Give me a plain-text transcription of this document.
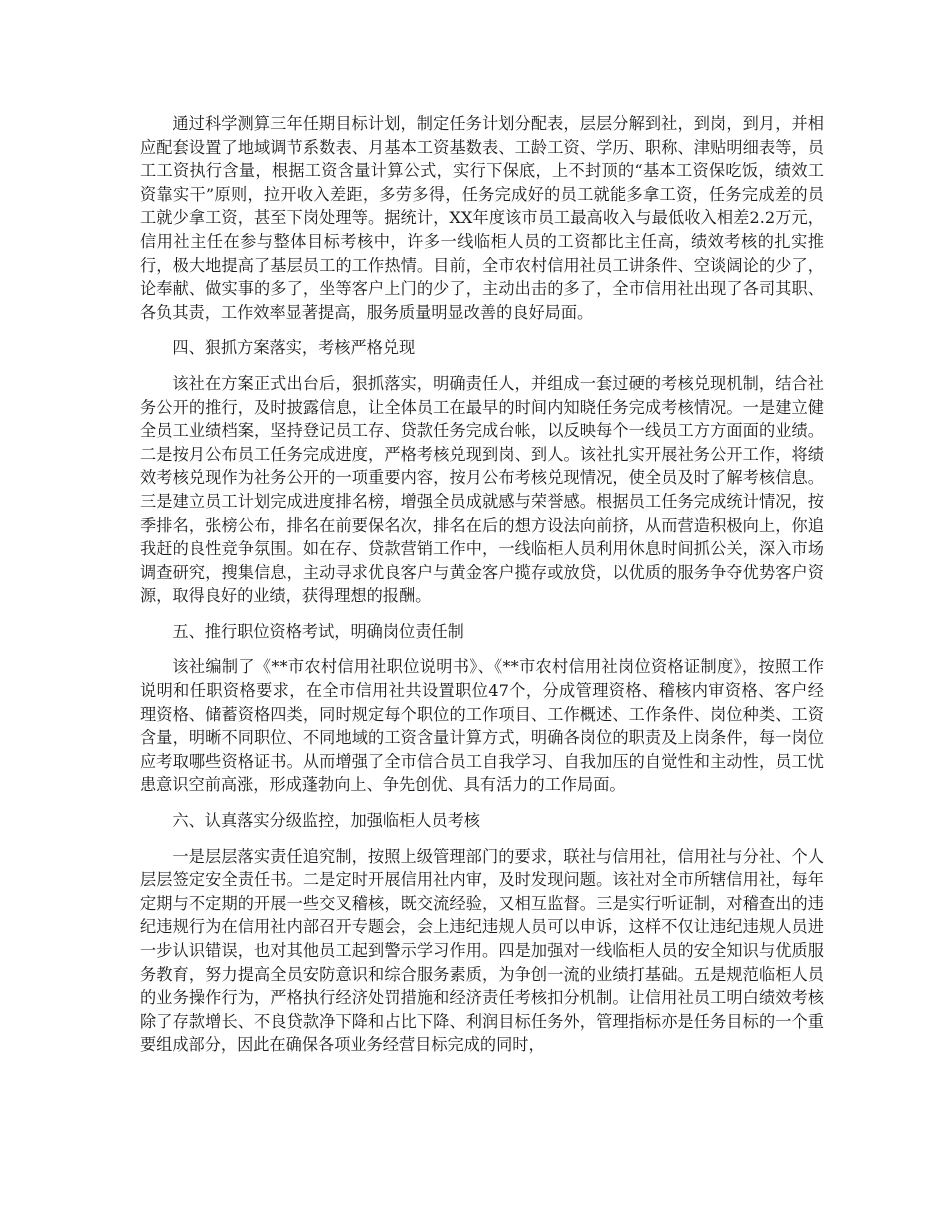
通过科学测算三年任期目标计划，制定任务计划分配表，层层分解到社，到岗，到月，并相应配套设置了地域调节系数表、月基本工资基数表、工龄工资、学历、职称、津贴明细表等，员工工资执行含量，根据工资含量计算公式，实行下保底，上不封顶的“基本工资保吃饭，绩效工资靠实干”原则，拉开收入差距，多劳多得，任务完成好的员工就能多拿工资，任务完成差的员工就少拿工资，甚至下岗处理等。据统计，XX年度该市员工最高收入与最低收入相差2.2万元，信用社主任在参与整体目标考核中，许多一线临柜人员的工资都比主任高，绩效考核的扎实推行，极大地提高了基层员工的工作热情。目前，全市农村信用社员工讲条件、空谈阔论的少了，论奉献、做实事的多了，坐等客户上门的少了，主动出击的多了，全市信用社出现了各司其职、各负其责，工作效率显著提高，服务质量明显改善的良好局面。

四、狠抓方案落实，考核严格兑现

该社在方案正式出台后，狠抓落实，明确责任人，并组成一套过硬的考核兑现机制，结合社务公开的推行，及时披露信息，让全体员工在最早的时间内知晓任务完成考核情况。一是建立健全员工业绩档案，坚持登记员工存、贷款任务完成台帐，以反映每个一线员工方方面面的业绩。二是按月公布员工任务完成进度，严格考核兑现到岗、到人。该社扎实开展社务公开工作，将绩效考核兑现作为社务公开的一项重要内容，按月公布考核兑现情况，使全员及时了解考核信息。三是建立员工计划完成进度排名榜，增强全员成就感与荣誉感。根据员工任务完成统计情况，按季排名，张榜公布，排名在前要保名次，排名在后的想方设法向前挤，从而营造积极向上，你追我赶的良性竞争氛围。如在存、贷款营销工作中，一线临柜人员利用休息时间抓公关，深入市场调查研究，搜集信息，主动寻求优良客户与黄金客户揽存或放贷，以优质的服务争夺优势客户资源，取得良好的业绩，获得理想的报酬。

五、推行职位资格考试，明确岗位责任制

该社编制了《**市农村信用社职位说明书》、《**市农村信用社岗位资格证制度》，按照工作说明和任职资格要求，在全市信用社共设置职位47个，分成管理资格、稽核内审资格、客户经理资格、储蓄资格四类，同时规定每个职位的工作项目、工作概述、工作条件、岗位种类、工资含量，明晰不同职位、不同地域的工资含量计算方式，明确各岗位的职责及上岗条件，每一岗位应考取哪些资格证书。从而增强了全市信合员工自我学习、自我加压的自觉性和主动性，员工忧患意识空前高涨，形成蓬勃向上、争先创优、具有活力的工作局面。

六、认真落实分级监控，加强临柜人员考核

一是层层落实责任追究制，按照上级管理部门的要求，联社与信用社，信用社与分社、个人层层签定安全责任书。二是定时开展信用社内审，及时发现问题。该社对全市所辖信用社，每年定期与不定期的开展一些交叉稽核，既交流经验，又相互监督。三是实行听证制，对稽查出的违纪违规行为在信用社内部召开专题会，会上违纪违规人员可以申诉，这样不仅让违纪违规人员进一步认识错误，也对其他员工起到警示学习作用。四是加强对一线临柜人员的安全知识与优质服务教育，努力提高全员安防意识和综合服务素质，为争创一流的业绩打基础。五是规范临柜人员的业务操作行为，严格执行经济处罚措施和经济责任考核扣分机制。让信用社员工明白绩效考核除了存款增长、不良贷款净下降和占比下降、利润目标任务外，管理指标亦是任务目标的一个重要组成部分，因此在确保各项业务经营目标完成的同时，
